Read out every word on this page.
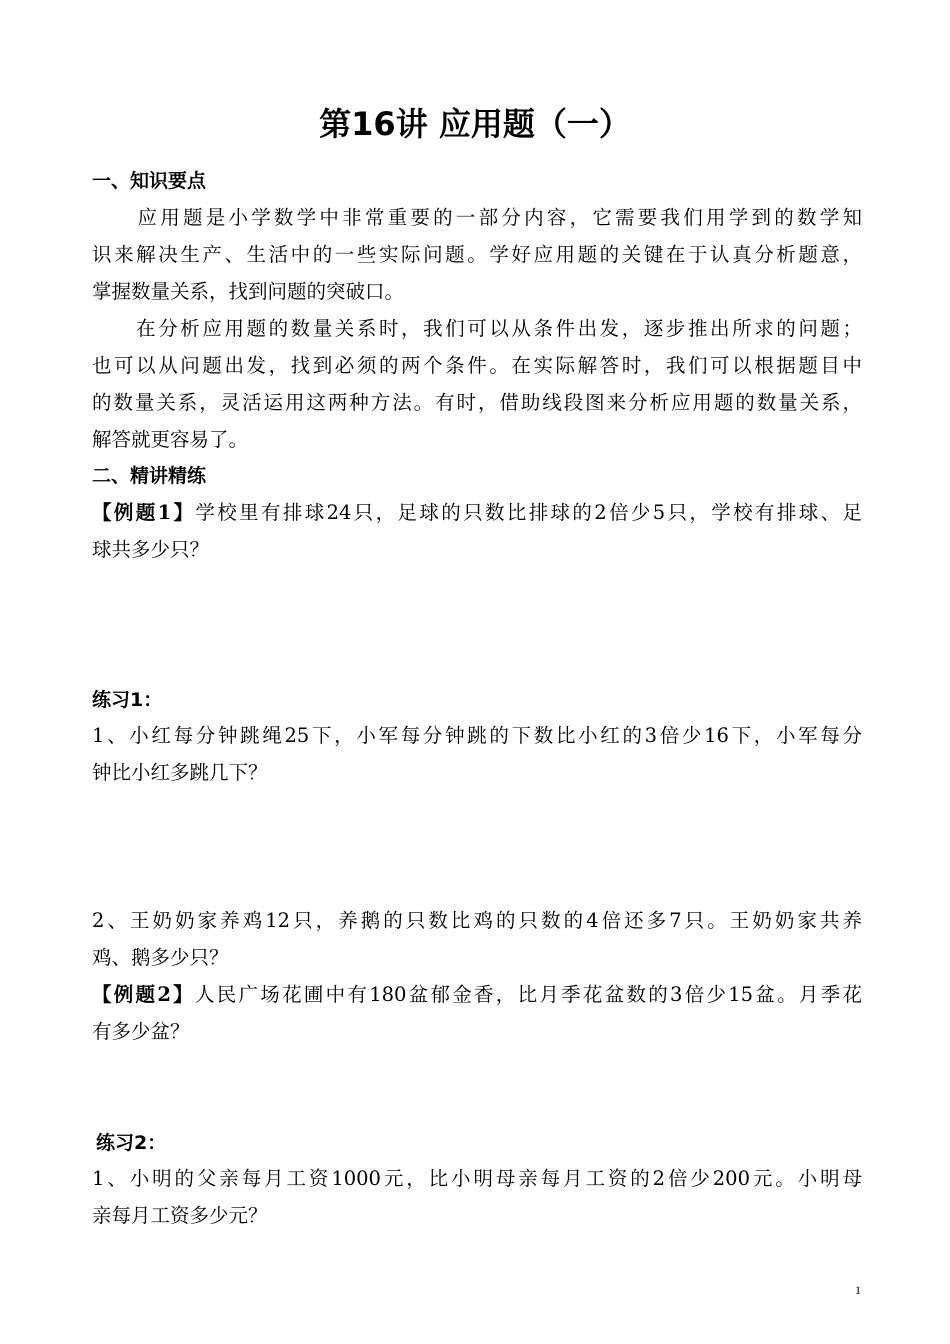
第16讲 应用题（一）
一、知识要点
　　应用题是小学数学中非常重要的一部分内容，它需要我们用学到的数学知
识来解决生产、生活中的一些实际问题。学好应用题的关键在于认真分析题意，
掌握数量关系，找到问题的突破口。
　　在分析应用题的数量关系时，我们可以从条件出发，逐步推出所求的问题；
也可以从问题出发，找到必须的两个条件。在实际解答时，我们可以根据题目中
的数量关系，灵活运用这两种方法。有时，借助线段图来分析应用题的数量关系，
解答就更容易了。
二、精讲精练
【例题1】学校里有排球24只，足球的只数比排球的2倍少5只，学校有排球、足
球共多少只？
练习1：
1、小红每分钟跳绳25下，小军每分钟跳的下数比小红的3倍少16下，小军每分
钟比小红多跳几下？
2、王奶奶家养鸡12只，养鹅的只数比鸡的只数的4倍还多7只。王奶奶家共养
鸡、鹅多少只？
【例题2】人民广场花圃中有180盆郁金香，比月季花盆数的3倍少15盆。月季花
有多少盆？
练习2：
1、小明的父亲每月工资1000元，比小明母亲每月工资的2倍少200元。小明母
亲每月工资多少元？
1
